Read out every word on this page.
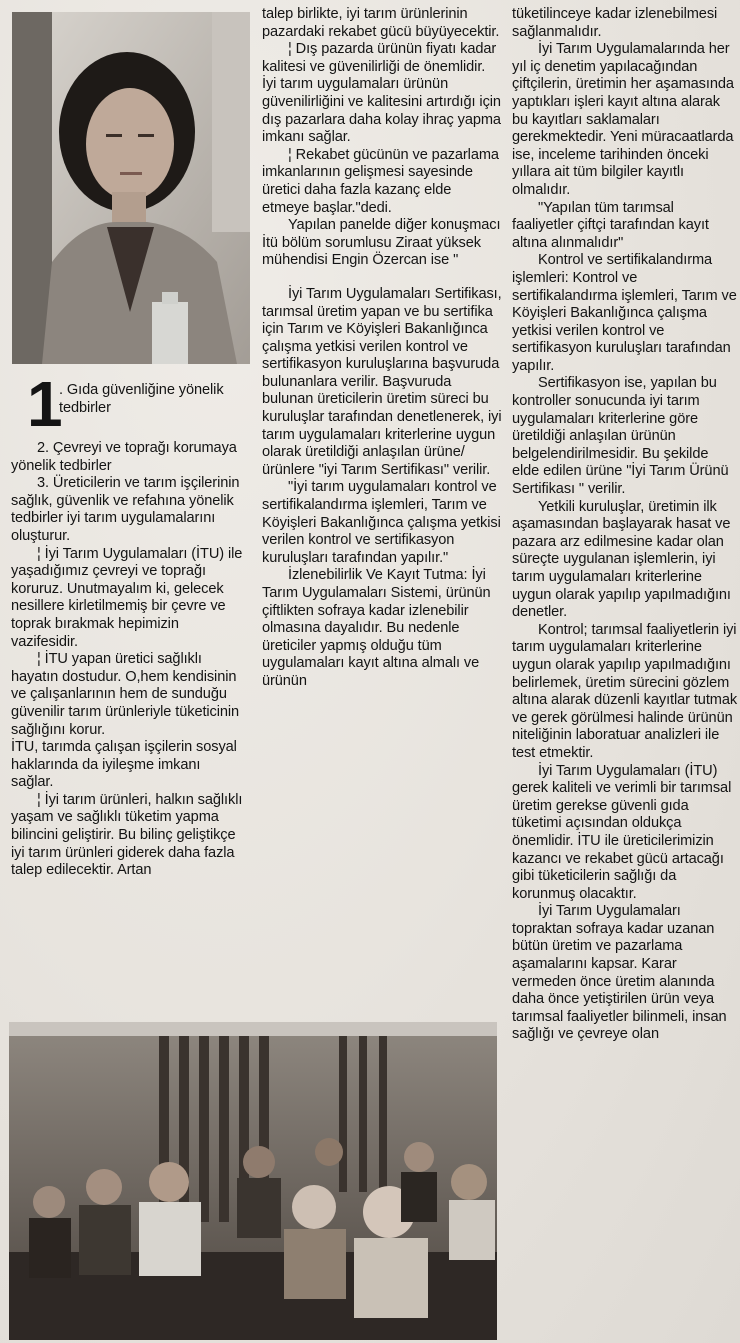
1
. Gıda güvenliğine yönelik tedbirler

2. Çevreyi ve toprağı korumaya yönelik tedbirler

3. Üreticilerin ve tarım işçilerinin sağlık, güvenlik ve refahına yönelik tedbirler iyi tarım uygulamalarını oluşturur.

¦ İyi Tarım Uygulamaları (İTU) ile yaşadığımız çevreyi ve toprağı koruruz. Unutmayalım ki, gelecek nesillere kirletilmemiş bir çevre ve toprak bırakmak hepimizin vazifesidir.

¦ İTU yapan üretici sağlıklı hayatın dostudur. O,hem kendisinin ve çalışanlarının hem de sunduğu güvenilir tarım ürünleriyle tüketicinin sağlığını korur.

İTU, tarımda çalışan işçilerin sosyal haklarında da iyileşme imkanı sağlar.

¦ İyi tarım ürünleri, halkın sağlıklı yaşam ve sağlıklı tüketim yapma bilincini geliştirir. Bu bilinç geliştikçe iyi tarım ürünleri giderek daha fazla talep edilecektir. Artan

talep birlikte, iyi tarım ürünlerinin pazardaki rekabet gücü büyüyecektir.

¦ Dış pazarda ürünün fiyatı kadar kalitesi ve güvenilirliği de önemlidir. İyi tarım uygulamaları ürünün güvenilirliğini ve kalitesini artırdığı için dış pazarlara daha kolay ihraç yapma imkanı sağlar.

¦ Rekabet gücünün ve pazarlama imkanlarının gelişmesi sayesinde üretici daha fazla kazanç elde etmeye başlar."dedi.

Yapılan panelde diğer konuşmacı İtü bölüm sorumlusu Ziraat yüksek mühendisi Engin Özercan ise "

İyi Tarım Uygulamaları Sertifikası, tarımsal üretim yapan ve bu sertifika için Tarım ve Köyişleri Bakanlığınca çalışma yetkisi verilen kontrol ve sertifikasyon kuruluşlarına başvuruda bulunanlara verilir. Başvuruda bulunan üreticilerin üretim süreci bu kuruluşlar tarafından denetlenerek, iyi tarım uygulamaları kriterlerine uygun olarak üretildiği anlaşılan ürüne/ürünlere "iyi Tarım Sertifikası" verilir.

"İyi tarım uygulamaları kontrol ve sertifikalandırma işlemleri, Tarım ve Köyişleri Bakanlığınca çalışma yetkisi verilen kontrol ve sertifikasyon kuruluşları tarafından yapılır."

İzlenebilirlik Ve Kayıt Tutma: İyi Tarım Uygulamaları Sistemi, ürünün çiftlikten sofraya kadar izlenebilir olmasına dayalıdır. Bu nedenle üreticiler yapmış olduğu tüm uygulamaları kayıt altına almalı ve ürünün

tüketilinceye kadar izlenebilmesi sağlanmalıdır.

İyi Tarım Uygulamalarında her yıl iç denetim yapılacağından çiftçilerin, üretimin her aşamasında yaptıkları işleri kayıt altına alarak bu kayıtları saklamaları gerekmektedir. Yeni müracaatlarda ise, inceleme tarihinden önceki yıllara ait tüm bilgiler kayıtlı olmalıdır.

"Yapılan tüm tarımsal faaliyetler çiftçi tarafından kayıt altına alınmalıdır"

Kontrol ve sertifikalandırma işlemleri: Kontrol ve sertifikalandırma işlemleri, Tarım ve Köyişleri Bakanlığınca çalışma yetkisi verilen kontrol ve sertifikasyon kuruluşları tarafından yapılır.

Sertifikasyon ise, yapılan bu kontroller sonucunda iyi tarım uygulamaları kriterlerine göre üretildiği anlaşılan ürünün belgelendirilmesidir. Bu şekilde elde edilen ürüne "İyi Tarım Ürünü Sertifikası " verilir.

Yetkili kuruluşlar, üretimin ilk aşamasından başlayarak hasat ve pazara arz edilmesine kadar olan süreçte uygulanan işlemlerin, iyi tarım uygulamaları kriterlerine uygun olarak yapılıp yapılmadığını denetler.

Kontrol; tarımsal faaliyetlerin iyi tarım uygulamaları kriterlerine uygun olarak yapılıp yapılmadığını belirlemek, üretim sürecini gözlem altına alarak düzenli kayıtlar tutmak ve gerek görülmesi halinde ürünün niteliğinin laboratuar analizleri ile test etmektir.

İyi Tarım Uygulamaları (İTU) gerek kaliteli ve verimli bir tarımsal üretim gerekse güvenli gıda tüketimi açısından oldukça önemlidir. İTU ile üreticilerimizin kazancı ve rekabet gücü artacağı gibi tüketicilerin sağlığı da korunmuş olacaktır.

İyi Tarım Uygulamaları topraktan sofraya kadar uzanan bütün üretim ve pazarlama aşamalarını kapsar. Karar vermeden önce üretim alanında daha önce yetiştirilen ürün veya tarımsal faaliyetler bilinmeli, insan sağlığı ve çevreye olan
